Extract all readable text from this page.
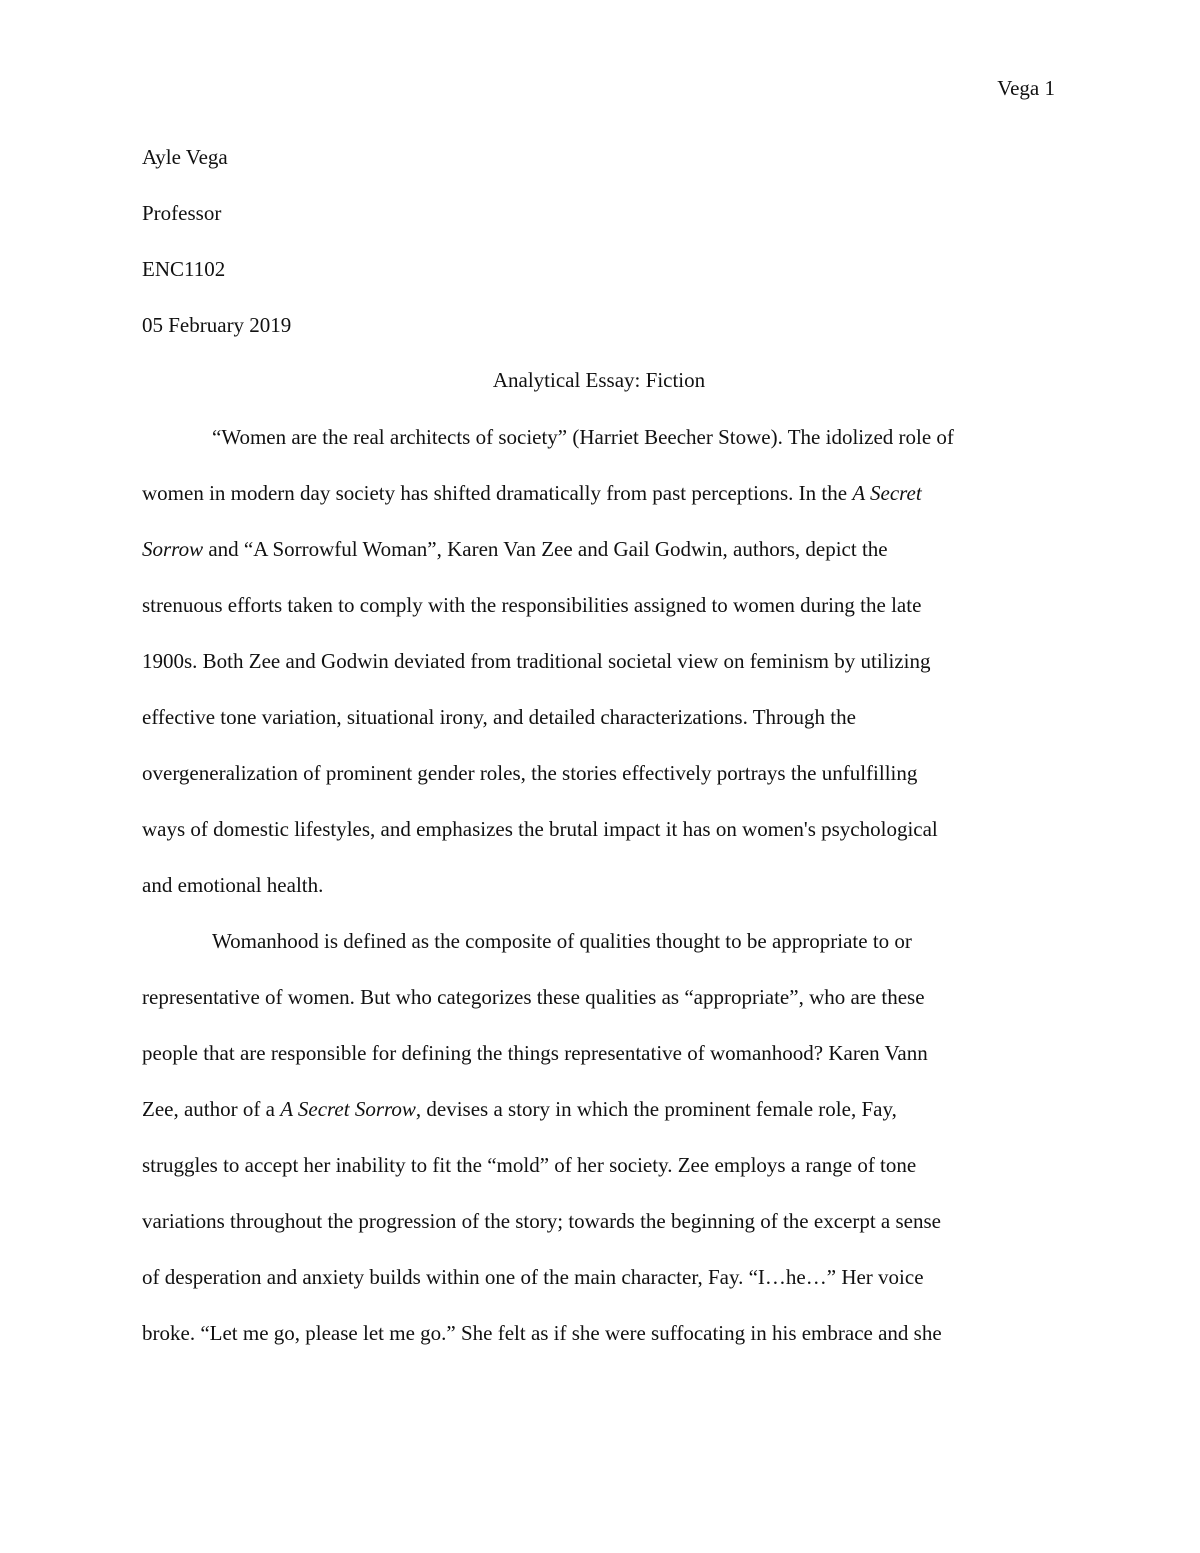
Vega 1
Ayle Vega
Professor
ENC1102
05 February 2019
Analytical Essay: Fiction
“Women are the real architects of society” (Harriet Beecher Stowe). The idolized role of
women in modern day society has shifted dramatically from past perceptions. In the A Secret
Sorrow and “A Sorrowful Woman”, Karen Van Zee and Gail Godwin, authors, depict the
strenuous efforts taken to comply with the responsibilities assigned to women during the late
1900s. Both Zee and Godwin deviated from traditional societal view on feminism by utilizing
effective tone variation, situational irony, and detailed characterizations. Through the
overgeneralization of prominent gender roles, the stories effectively portrays the unfulfilling
ways of domestic lifestyles, and emphasizes the brutal impact it has on women's psychological
and emotional health.
Womanhood is defined as the composite of qualities thought to be appropriate to or
representative of women. But who categorizes these qualities as “appropriate”, who are these
people that are responsible for defining the things representative of womanhood? Karen Vann
Zee, author of a A Secret Sorrow, devises a story in which the prominent female role, Fay,
struggles to accept her inability to fit the “mold” of her society. Zee employs a range of tone
variations throughout the progression of the story; towards the beginning of the excerpt a sense
of desperation and anxiety builds within one of the main character, Fay. “I…he…” Her voice
broke. “Let me go, please let me go.” She felt as if she were suffocating in his embrace and she
